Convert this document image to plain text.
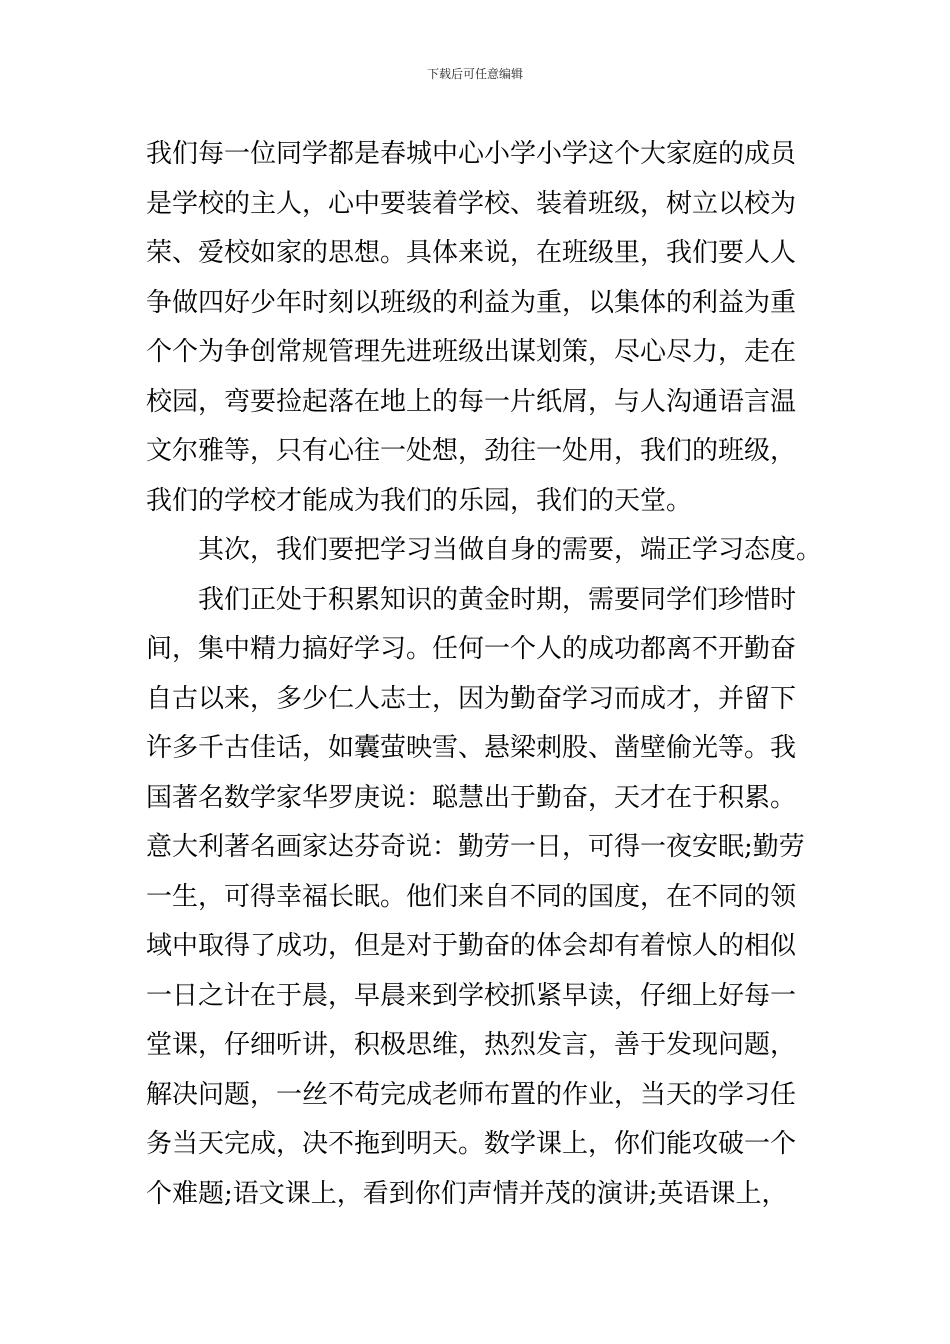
下载后可任意编辑
我们每一位同学都是春城中心小学小学这个大家庭的成员
是学校的主人，心中要装着学校、装着班级，树立以校为
荣、爱校如家的思想。具体来说，在班级里，我们要人人
争做四好少年时刻以班级的利益为重，以集体的利益为重
个个为争创常规管理先进班级出谋划策，尽心尽力，走在
校园，弯要捡起落在地上的每一片纸屑，与人沟通语言温
文尔雅等，只有心往一处想，劲往一处用，我们的班级，
我们的学校才能成为我们的乐园，我们的天堂。
其次，我们要把学习当做自身的需要，端正学习态度。
我们正处于积累知识的黄金时期，需要同学们珍惜时
间，集中精力搞好学习。任何一个人的成功都离不开勤奋
自古以来，多少仁人志士，因为勤奋学习而成才，并留下
许多千古佳话，如囊萤映雪、悬梁刺股、凿壁偷光等。我
国著名数学家华罗庚说：聪慧出于勤奋，天才在于积累。
意大利著名画家达芬奇说：勤劳一日，可得一夜安眠;勤劳
一生，可得幸福长眠。他们来自不同的国度，在不同的领
域中取得了成功，但是对于勤奋的体会却有着惊人的相似
一日之计在于晨，早晨来到学校抓紧早读，仔细上好每一
堂课，仔细听讲，积极思维，热烈发言，善于发现问题，
解决问题，一丝不苟完成老师布置的作业，当天的学习任
务当天完成，决不拖到明天。数学课上，你们能攻破一个
个难题;语文课上，看到你们声情并茂的演讲;英语课上，
